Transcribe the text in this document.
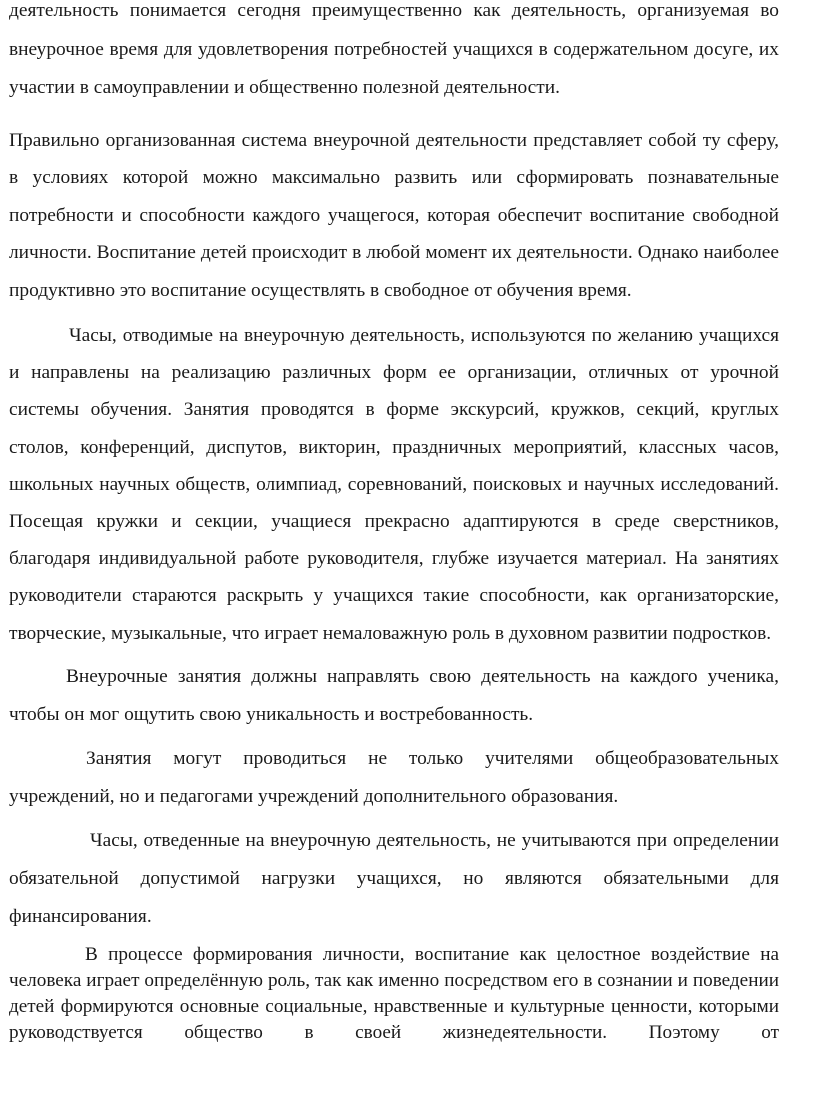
деятельность понимается сегодня преимущественно как деятельность, организуемая во внеурочное время для удовлетворения потребностей учащихся в содержательном досуге, их участии в самоуправлении и общественно полезной деятельности.

Правильно организованная система внеурочной деятельности представляет собой ту сферу, в условиях которой можно максимально развить или сформировать познавательные потребности и способности каждого учащегося, которая обеспечит воспитание свободной личности. Воспитание детей происходит в любой момент их деятельности. Однако наиболее продуктивно это воспитание осуществлять в свободное от обучения время.

Часы, отводимые на внеурочную деятельность, используются по желанию учащихся и направлены на реализацию различных форм ее организации, отличных от урочной системы обучения. Занятия проводятся в форме экскурсий, кружков, секций, круглых столов, конференций, диспутов, викторин, праздничных мероприятий, классных часов, школьных научных обществ, олимпиад, соревнований, поисковых и научных исследований. Посещая кружки и секции, учащиеся прекрасно адаптируются в среде сверстников, благодаря индивидуальной работе руководителя, глубже изучается материал. На занятиях руководители стараются раскрыть у учащихся такие способности, как организаторские, творческие, музыкальные, что играет немаловажную роль в духовном развитии подростков.

Внеурочные занятия должны направлять свою деятельность на каждого ученика, чтобы он мог ощутить свою уникальность и востребованность.

Занятия могут проводиться не только учителями общеобразовательных учреждений, но и педагогами учреждений дополнительного образования.

Часы, отведенные на внеурочную деятельность, не учитываются при определении обязательной допустимой нагрузки учащихся, но являются обязательными для финансирования.

В процессе формирования личности, воспитание как целостное воздействие на человека играет определённую роль, так как именно посредством его в сознании и поведении детей формируются основные социальные, нравственные и культурные ценности, которыми руководствуется общество в своей жизнедеятельности. Поэтому от
